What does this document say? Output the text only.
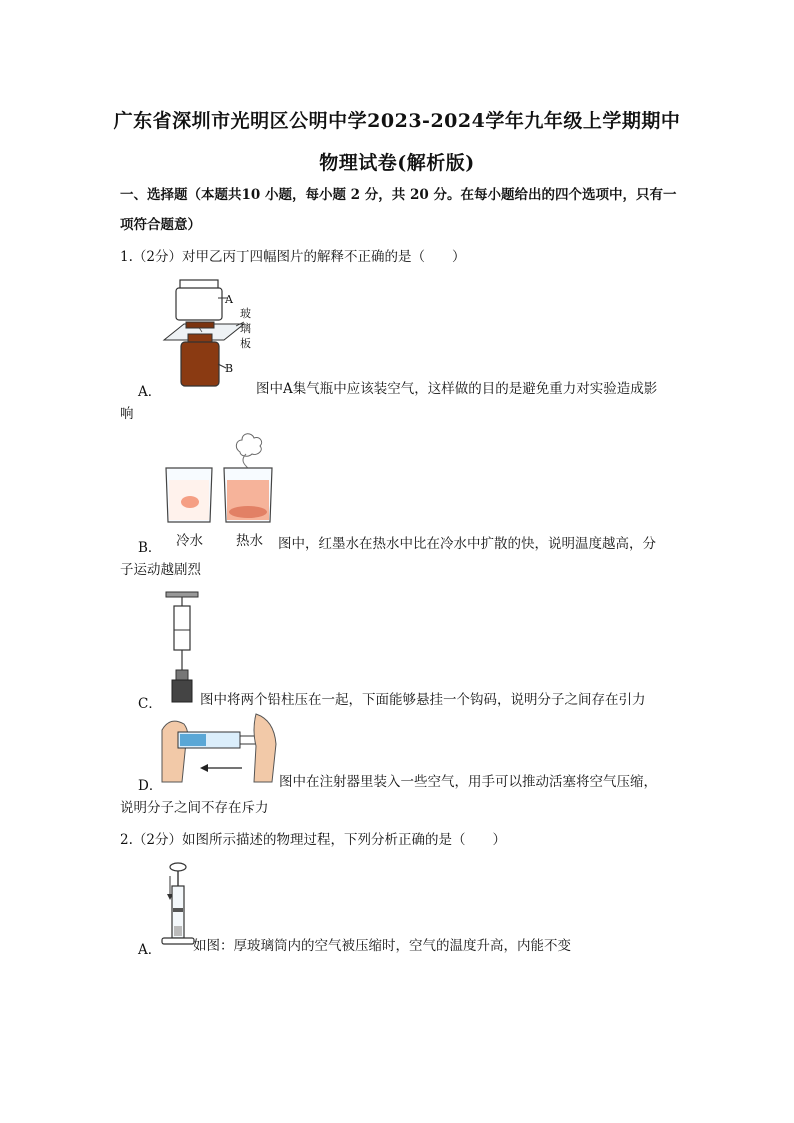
广东省深圳市光明区公明中学2023-2024学年九年级上学期期中
物理试卷(解析版)
一、选择题（本题共10 小题，每小题 2 分，共 20 分。在每小题给出的四个选项中，只有一项符合题意）
1.（2分）对甲乙丙丁四幅图片的解释不正确的是（　　）
A
玻璃板
B
A．	图中A集气瓶中应该装空气，这样做的目的是避免重力对实验造成影
响
冷水 热水
B．	图中，红墨水在热水中比在冷水中扩散的快，说明温度越高，分
子运动越剧烈
C．	图中将两个铅柱压在一起，下面能够悬挂一个钩码，说明分子之间存在引力
D．	图中在注射器里装入一些空气，用手可以推动活塞将空气压缩，
说明分子之间不存在斥力
2.（2分）如图所示描述的物理过程，下列分析正确的是（　　）
A． 如图：厚玻璃筒内的空气被压缩时，空气的温度升高，内能不变
